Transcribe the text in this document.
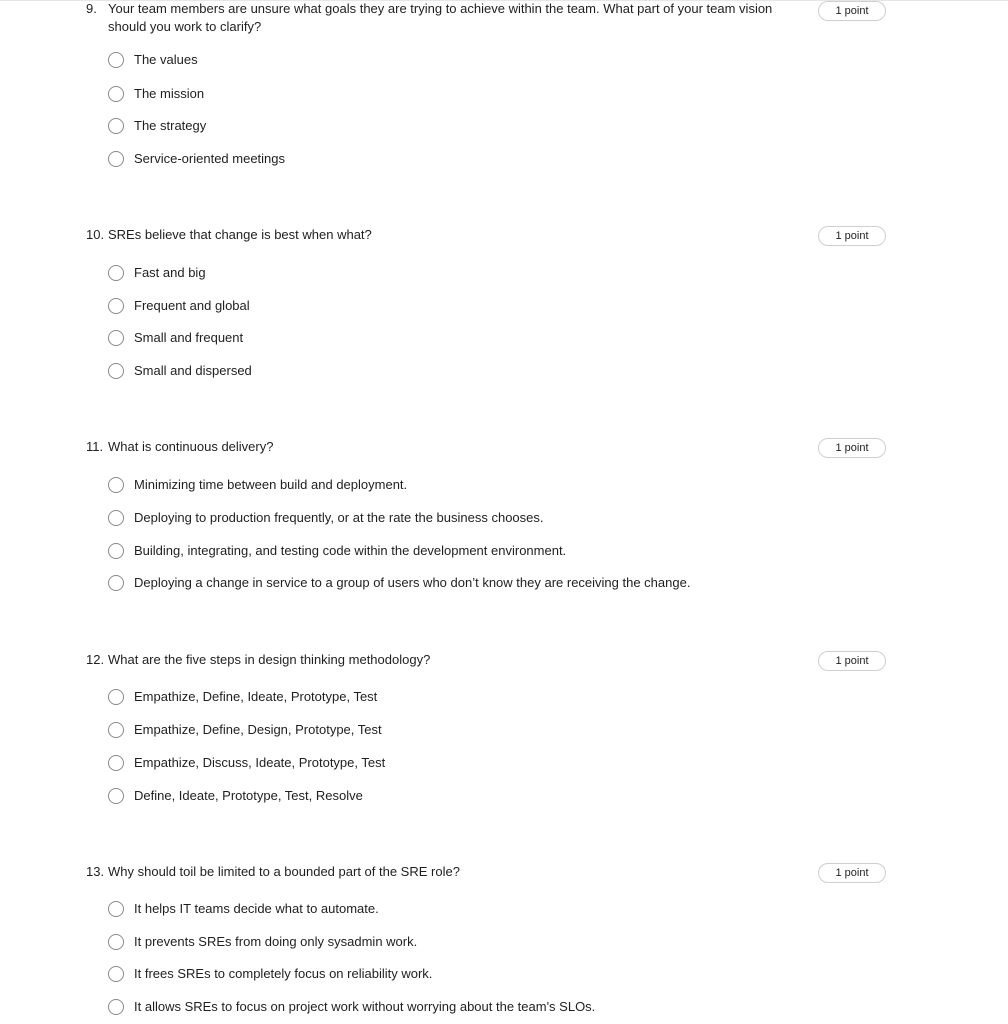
9. Your team members are unsure what goals they are trying to achieve within the team. What part of your team vision should you work to clarify?
1 point
The values
The mission
The strategy
Service-oriented meetings
10. SREs believe that change is best when what?	1 point
Fast and big
Frequent and global
Small and frequent
Small and dispersed
11. What is continuous delivery?	1 point
Minimizing time between build and deployment.
Deploying to production frequently, or at the rate the business chooses.
Building, integrating, and testing code within the development environment.
Deploying a change in service to a group of users who don’t know they are receiving the change.
12. What are the five steps in design thinking methodology?	1 point
Empathize, Define, Ideate, Prototype, Test
Empathize, Define, Design, Prototype, Test
Empathize, Discuss, Ideate, Prototype, Test
Define, Ideate, Prototype, Test, Resolve
13. Why should toil be limited to a bounded part of the SRE role?	1 point
It helps IT teams decide what to automate.
It prevents SREs from doing only sysadmin work.
It frees SREs to completely focus on reliability work.
It allows SREs to focus on project work without worrying about the team's SLOs.
